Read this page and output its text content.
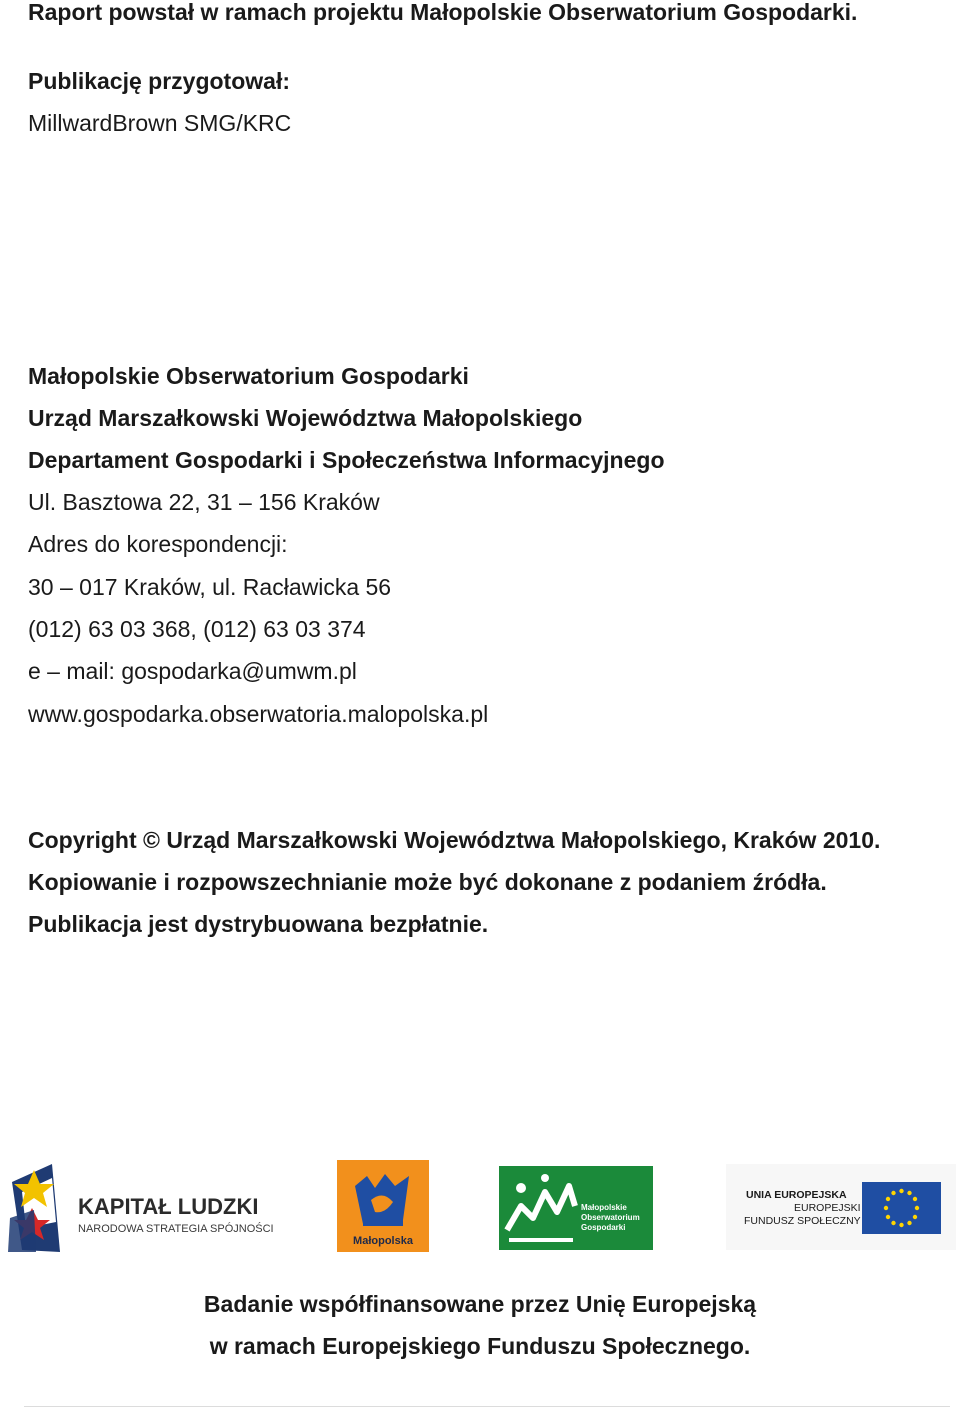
Raport powstał w ramach projektu Małopolskie Obserwatorium Gospodarki.
Publikację przygotował:
MillwardBrown SMG/KRC
Małopolskie Obserwatorium Gospodarki
Urząd Marszałkowski Województwa Małopolskiego
Departament Gospodarki i Społeczeństwa Informacyjnego
Ul. Basztowa 22, 31 – 156 Kraków
Adres do korespondencji:
30 – 017 Kraków, ul. Racławicka 56
(012) 63 03 368, (012) 63 03 374
e – mail: gospodarka@umwm.pl
www.gospodarka.obserwatoria.malopolska.pl
Copyright © Urząd Marszałkowski Województwa Małopolskiego, Kraków 2010.
Kopiowanie i rozpowszechnianie może być dokonane z podaniem źródła.
Publikacja jest dystrybuowana bezpłatnie.
KAPITAŁ LUDZKI
NARODOWA STRATEGIA SPÓJNOŚCI
Małopolska
Małopolskie
Obserwatorium
Gospodarki
UNIA EUROPEJSKA
EUROPEJSKI
FUNDUSZ SPOŁECZNY
Badanie współfinansowane przez Unię Europejską
w ramach Europejskiego Funduszu Społecznego.
